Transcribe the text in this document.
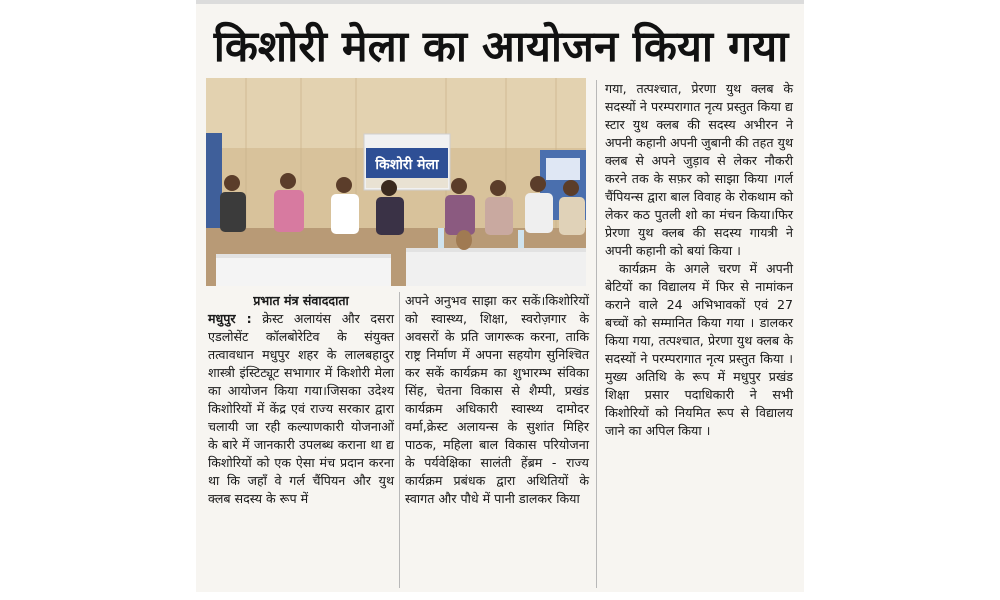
किशोरी मेला का आयोजन किया गया
किशोरी मेला

प्रभात मंत्र संवाददाता

मधुपुर : क्रेस्ट अलायंस और दसरा एडलोसेंट कॉलबोरेटिव के संयुक्त तत्वावधान मधुपुर शहर के लालबहादुर शास्त्री इंस्टिट्यूट सभागार में किशोरी मेला का आयोजन किया गया।जिसका उदेश्य किशोरियों में केंद्र एवं राज्य सरकार द्वारा चलायी जा रही कल्याणकारी योजनाओं के बारे में जानकारी उपलब्ध कराना था द्य किशोरियों को एक ऐसा मंच प्रदान करना था कि जहाँ वे गर्ल चैंपियन और युथ क्लब सदस्य के रूप में

अपने अनुभव साझा कर सकें।किशोरियों को स्वास्थ्य, शिक्षा, स्वरोज़गार के अवसरों के प्रति जागरूक करना, ताकि राष्ट्र निर्माण में अपना सहयोग सुनिश्चित कर सकें कार्यक्रम का शुभारम्भ संविका सिंह, चेतना विकास से शैम्पी, प्रखंड कार्यक्रम अधिकारी स्वास्थ्य दामोदर वर्मा,क्रेस्ट अलायन्स के सुशांत मिहिर पाठक, महिला बाल विकास परियोजना के पर्यवेक्षिका सालंती हेंब्रम - राज्य कार्यक्रम प्रबंधक द्वारा अथितियों के स्वागत और पौधे में पानी डालकर किया

गया, तत्पश्चात, प्रेरणा युथ क्लब के सदस्यों ने परम्परागात नृत्य प्रस्तुत किया द्य स्टार युथ क्लब की सदस्य अभीरन ने अपनी कहानी अपनी जुबानी की तहत युथ क्लब से अपने जुड़ाव से लेकर नौकरी करने तक के सफ़र को साझा किया ।गर्ल चैंपियन्स द्वारा बाल विवाह के रोकथाम को लेकर कठ पुतली शो का मंचन किया।फिर प्रेरणा युथ क्लब की सदस्य गायत्री ने अपनी कहानी को बयां किया ।

कार्यक्रम के अगले चरण में अपनी बेटियों का विद्यालय में फिर से नामांकन कराने वाले 24 अभिभावकों एवं 27 बच्चों को सम्मानित किया गया । डालकर किया गया, तत्पश्चात, प्रेरणा युथ क्लब के सदस्यों ने परम्परागात नृत्य प्रस्तुत किया । मुख्य अतिथि के रूप में मधुपुर प्रखंड शिक्षा प्रसार पदाधिकारी ने सभी किशोरियों को नियमित रूप से विद्यालय जाने का अपिल किया ।
